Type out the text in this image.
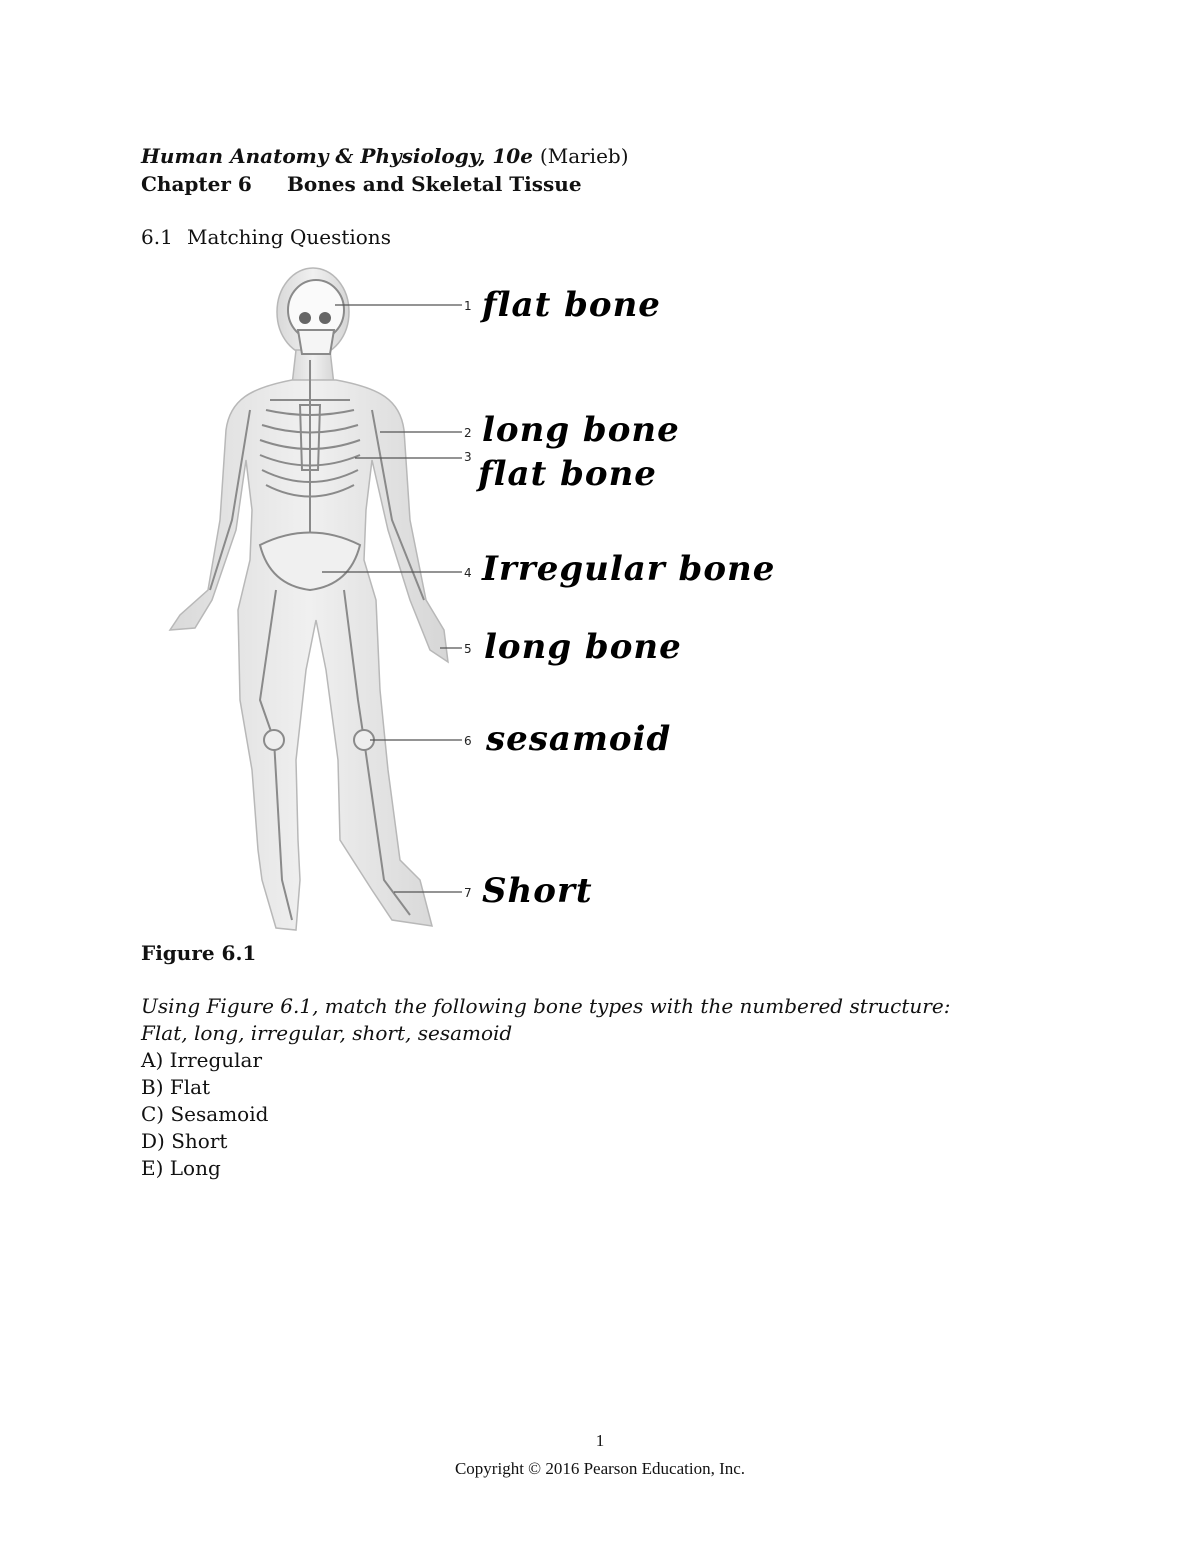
Human Anatomy & Physiology, 10e (Marieb)
Chapter 6 Bones and Skeletal Tissue
6.1 Matching Questions
1
2
3
4
5
6
7
flat bone
long bone
flat bone
Irregular bone
long bone
sesamoid
Short
Figure 6.1
Using Figure 6.1, match the following bone types with the numbered structure:
Flat, long, irregular, short, sesamoid
A) Irregular
B) Flat
C) Sesamoid
D) Short
E) Long
1
Copyright © 2016 Pearson Education, Inc.
